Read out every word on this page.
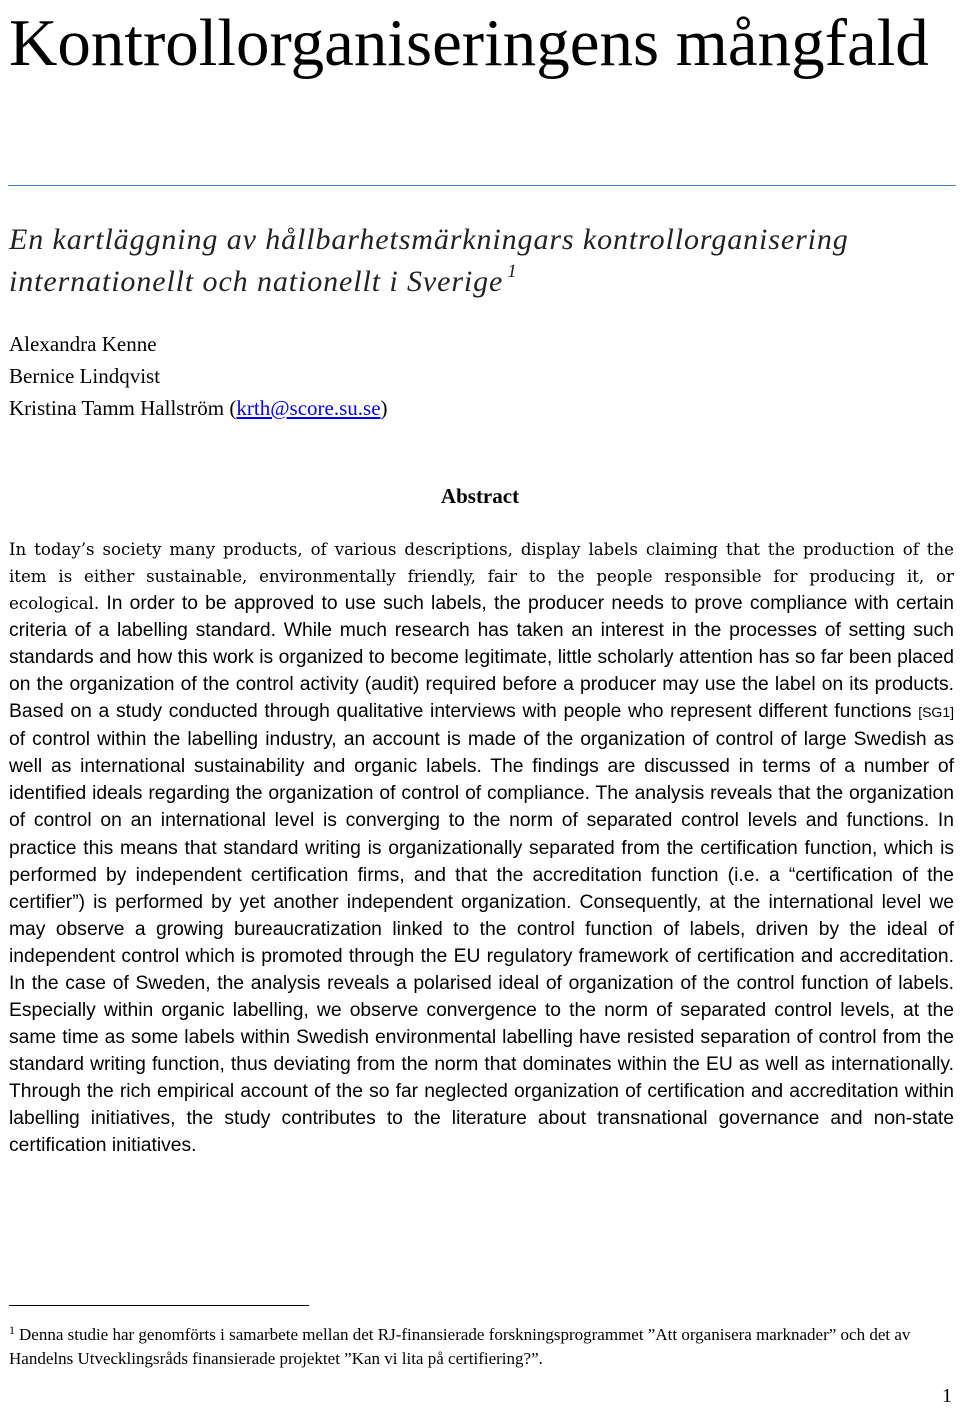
Kontrollorganiseringens mångfald

En kartläggning av hållbarhetsmärkningars kontrollorganisering internationellt och nationellt i Sverige $^1$

Alexandra Kenne
Bernice Lindqvist
Kristina Tamm Hallström (krth@score.su.se)
Abstract

In today’s society many products, of various descriptions, display labels claiming that the production of the item is either sustainable, environmentally friendly, fair to the people responsible for producing it, or ecological. In order to be approved to use such labels, the producer needs to prove compliance with certain criteria of a labelling standard. While much research has taken an interest in the processes of setting such standards and how this work is organized to become legitimate, little scholarly attention has so far been placed on the organization of the control activity (audit) required before a producer may use the label on its products. Based on a study conducted through qualitative interviews with people who represent different functions [SG1] of control within the labelling industry, an account is made of the organization of control of large Swedish as well as international sustainability and organic labels. The findings are discussed in terms of a number of identified ideals regarding the organization of control of compliance. The analysis reveals that the organization of control on an international level is converging to the norm of separated control levels and functions. In practice this means that standard writing is organizationally separated from the certification function, which is performed by independent certification firms, and that the accreditation function (i.e. a “certification of the certifier”) is performed by yet another independent organization. Consequently, at the international level we may observe a growing bureaucratization linked to the control function of labels, driven by the ideal of independent control which is promoted through the EU regulatory framework of certification and accreditation. In the case of Sweden, the analysis reveals a polarised ideal of organization of the control function of labels. Especially within organic labelling, we observe convergence to the norm of separated control levels, at the same time as some labels within Swedish environmental labelling have resisted separation of control from the standard writing function, thus deviating from the norm that dominates within the EU as well as internationally. Through the rich empirical account of the so far neglected organization of certification and accreditation within labelling initiatives, the study contributes to the literature about transnational governance and non-state certification initiatives.

$^1$ Denna studie har genomförts i samarbete mellan det RJ-finansierade forskningsprogrammet ”Att organisera marknader” och det av Handelns Utvecklingsråds finansierade projektet ”Kan vi lita på certifiering?”.

1
